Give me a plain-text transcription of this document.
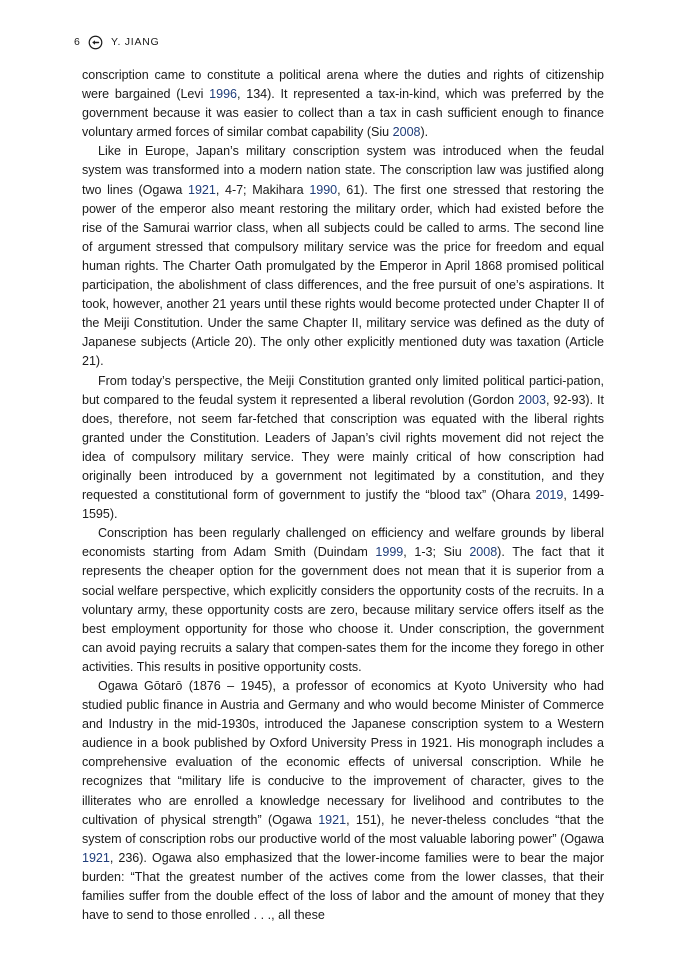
6	Y. JIANG

conscription came to constitute a political arena where the duties and rights of citizenship were bargained (Levi 1996, 134). It represented a tax-in-kind, which was preferred by the government because it was easier to collect than a tax in cash sufficient enough to finance voluntary armed forces of similar combat capability (Siu 2008).

Like in Europe, Japan’s military conscription system was introduced when the feudal system was transformed into a modern nation state. The conscription law was justified along two lines (Ogawa 1921, 4-7; Makihara 1990, 61). The first one stressed that restoring the power of the emperor also meant restoring the military order, which had existed before the rise of the Samurai warrior class, when all subjects could be called to arms. The second line of argument stressed that compulsory military service was the price for freedom and equal human rights. The Charter Oath promulgated by the Emperor in April 1868 promised political participation, the abolishment of class differences, and the free pursuit of one’s aspirations. It took, however, another 21 years until these rights would become protected under Chapter II of the Meiji Constitution. Under the same Chapter II, military service was defined as the duty of Japanese subjects (Article 20). The only other explicitly mentioned duty was taxation (Article 21).

From today’s perspective, the Meiji Constitution granted only limited political partici-pation, but compared to the feudal system it represented a liberal revolution (Gordon 2003, 92-93). It does, therefore, not seem far-fetched that conscription was equated with the liberal rights granted under the Constitution. Leaders of Japan’s civil rights movement did not reject the idea of compulsory military service. They were mainly critical of how conscription had originally been introduced by a government not legitimated by a constitution, and they requested a constitutional form of government to justify the “blood tax” (Ohara 2019, 1499-1595).

Conscription has been regularly challenged on efficiency and welfare grounds by liberal economists starting from Adam Smith (Duindam 1999, 1-3; Siu 2008). The fact that it represents the cheaper option for the government does not mean that it is superior from a social welfare perspective, which explicitly considers the opportunity costs of the recruits. In a voluntary army, these opportunity costs are zero, because military service offers itself as the best employment opportunity for those who choose it. Under conscription, the government can avoid paying recruits a salary that compen-sates them for the income they forego in other activities. This results in positive opportunity costs.

Ogawa Gōtarō (1876 – 1945), a professor of economics at Kyoto University who had studied public finance in Austria and Germany and who would become Minister of Commerce and Industry in the mid-1930s, introduced the Japanese conscription system to a Western audience in a book published by Oxford University Press in 1921. His monograph includes a comprehensive evaluation of the economic effects of universal conscription. While he recognizes that “military life is conducive to the improvement of character, gives to the illiterates who are enrolled a knowledge necessary for livelihood and contributes to the cultivation of physical strength” (Ogawa 1921, 151), he never-theless concludes “that the system of conscription robs our productive world of the most valuable laboring power” (Ogawa 1921, 236). Ogawa also emphasized that the lower-income families were to bear the major burden: “That the greatest number of the actives come from the lower classes, that their families suffer from the double effect of the loss of labor and the amount of money that they have to send to those enrolled . . ., all these
